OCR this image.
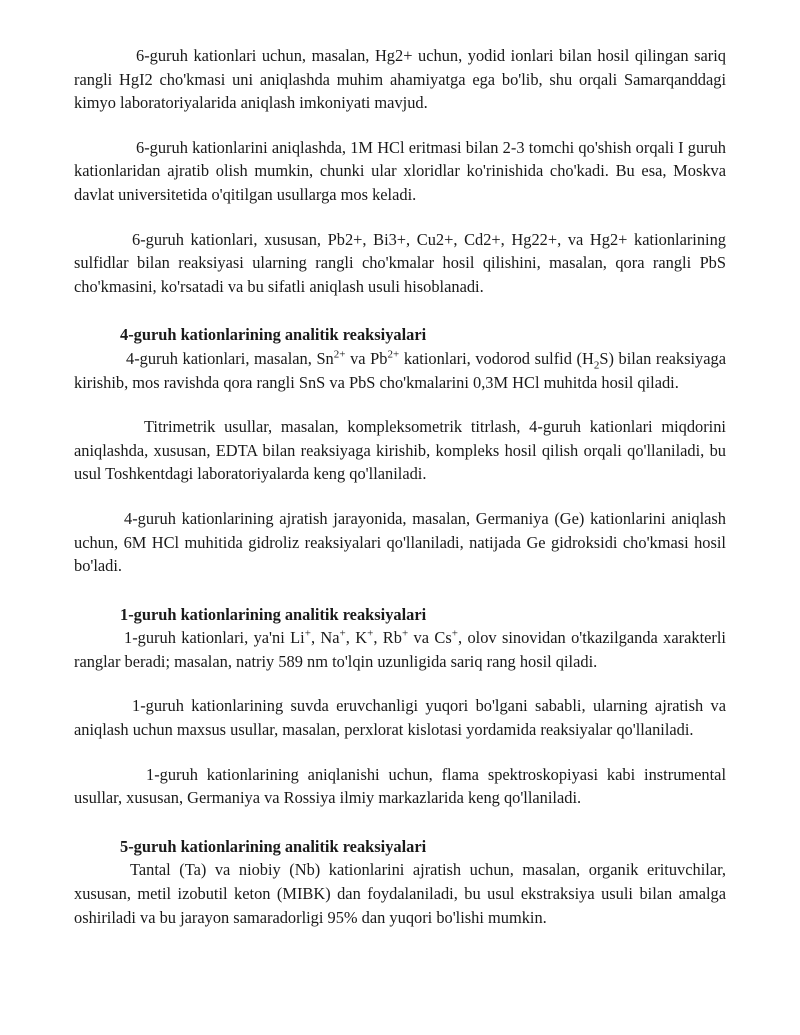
6-guruh kationlari uchun, masalan, Hg2+ uchun, yodid ionlari bilan hosil qilingan sariq rangli HgI2 cho'kmasi uni aniqlashda muhim ahamiyatga ega bo'lib, shu orqali Samarqanddagi kimyo laboratoriyalarida aniqlash imkoniyati mavjud.

6-guruh kationlarini aniqlashda, 1M HCl eritmasi bilan 2-3 tomchi qo'shish orqali I guruh kationlaridan ajratib olish mumkin, chunki ular xloridlar ko'rinishida cho'kadi. Bu esa, Moskva davlat universitetida o'qitilgan usullarga mos keladi.

6-guruh kationlari, xususan, Pb2+, Bi3+, Cu2+, Cd2+, Hg22+, va Hg2+ kationlarining sulfidlar bilan reaksiyasi ularning rangli cho'kmalar hosil qilishini, masalan, qora rangli PbS cho'kmasini, ko'rsatadi va bu sifatli aniqlash usuli hisoblanadi.

4-guruh kationlarining analitik reaksiyalari

4-guruh kationlari, masalan, $Sn^{2+}$ va $Pb^{2+}$ kationlari, vodorod sulfid $(H_2S)$ bilan reaksiyaga kirishib, mos ravishda qora rangli SnS va PbS cho'kmalarini 0,3M HCl muhitda hosil qiladi.

Titrimetrik usullar, masalan, kompleksometrik titrlash, 4-guruh kationlari miqdorini aniqlashda, xususan, EDTA bilan reaksiyaga kirishib, kompleks hosil qilish orqali qo'llaniladi, bu usul Toshkentdagi laboratoriyalarda keng qo'llaniladi.

4-guruh kationlarining ajratish jarayonida, masalan, Germaniya (Ge) kationlarini aniqlash uchun, 6M HCl muhitida gidroliz reaksiyalari qo'llaniladi, natijada Ge gidroksidi cho'kmasi hosil bo'ladi.

1-guruh kationlarining analitik reaksiyalari

1-guruh kationlari, ya'ni Li+, Na+, K+, Rb+ va Cs+, olov sinovidan o'tkazilganda xarakterli ranglar beradi; masalan, natriy 589 nm to'lqin uzunligida sariq rang hosil qiladi.

1-guruh kationlarining suvda eruvchanligi yuqori bo'lgani sababli, ularning ajratish va aniqlash uchun maxsus usullar, masalan, perxlorat kislotasi yordamida reaksiyalar qo'llaniladi.

1-guruh kationlarining aniqlanishi uchun, flama spektroskopiyasi kabi instrumental usullar, xususan, Germaniya va Rossiya ilmiy markazlarida keng qo'llaniladi.

5-guruh kationlarining analitik reaksiyalari

Tantal (Ta) va niobiy (Nb) kationlarini ajratish uchun, masalan, organik erituvchilar, xususan, metil izobutil keton (MIBK) dan foydalaniladi, bu usul ekstraksiya usuli bilan amalga oshiriladi va bu jarayon samaradorligi 95% dan yuqori bo'lishi mumkin.
